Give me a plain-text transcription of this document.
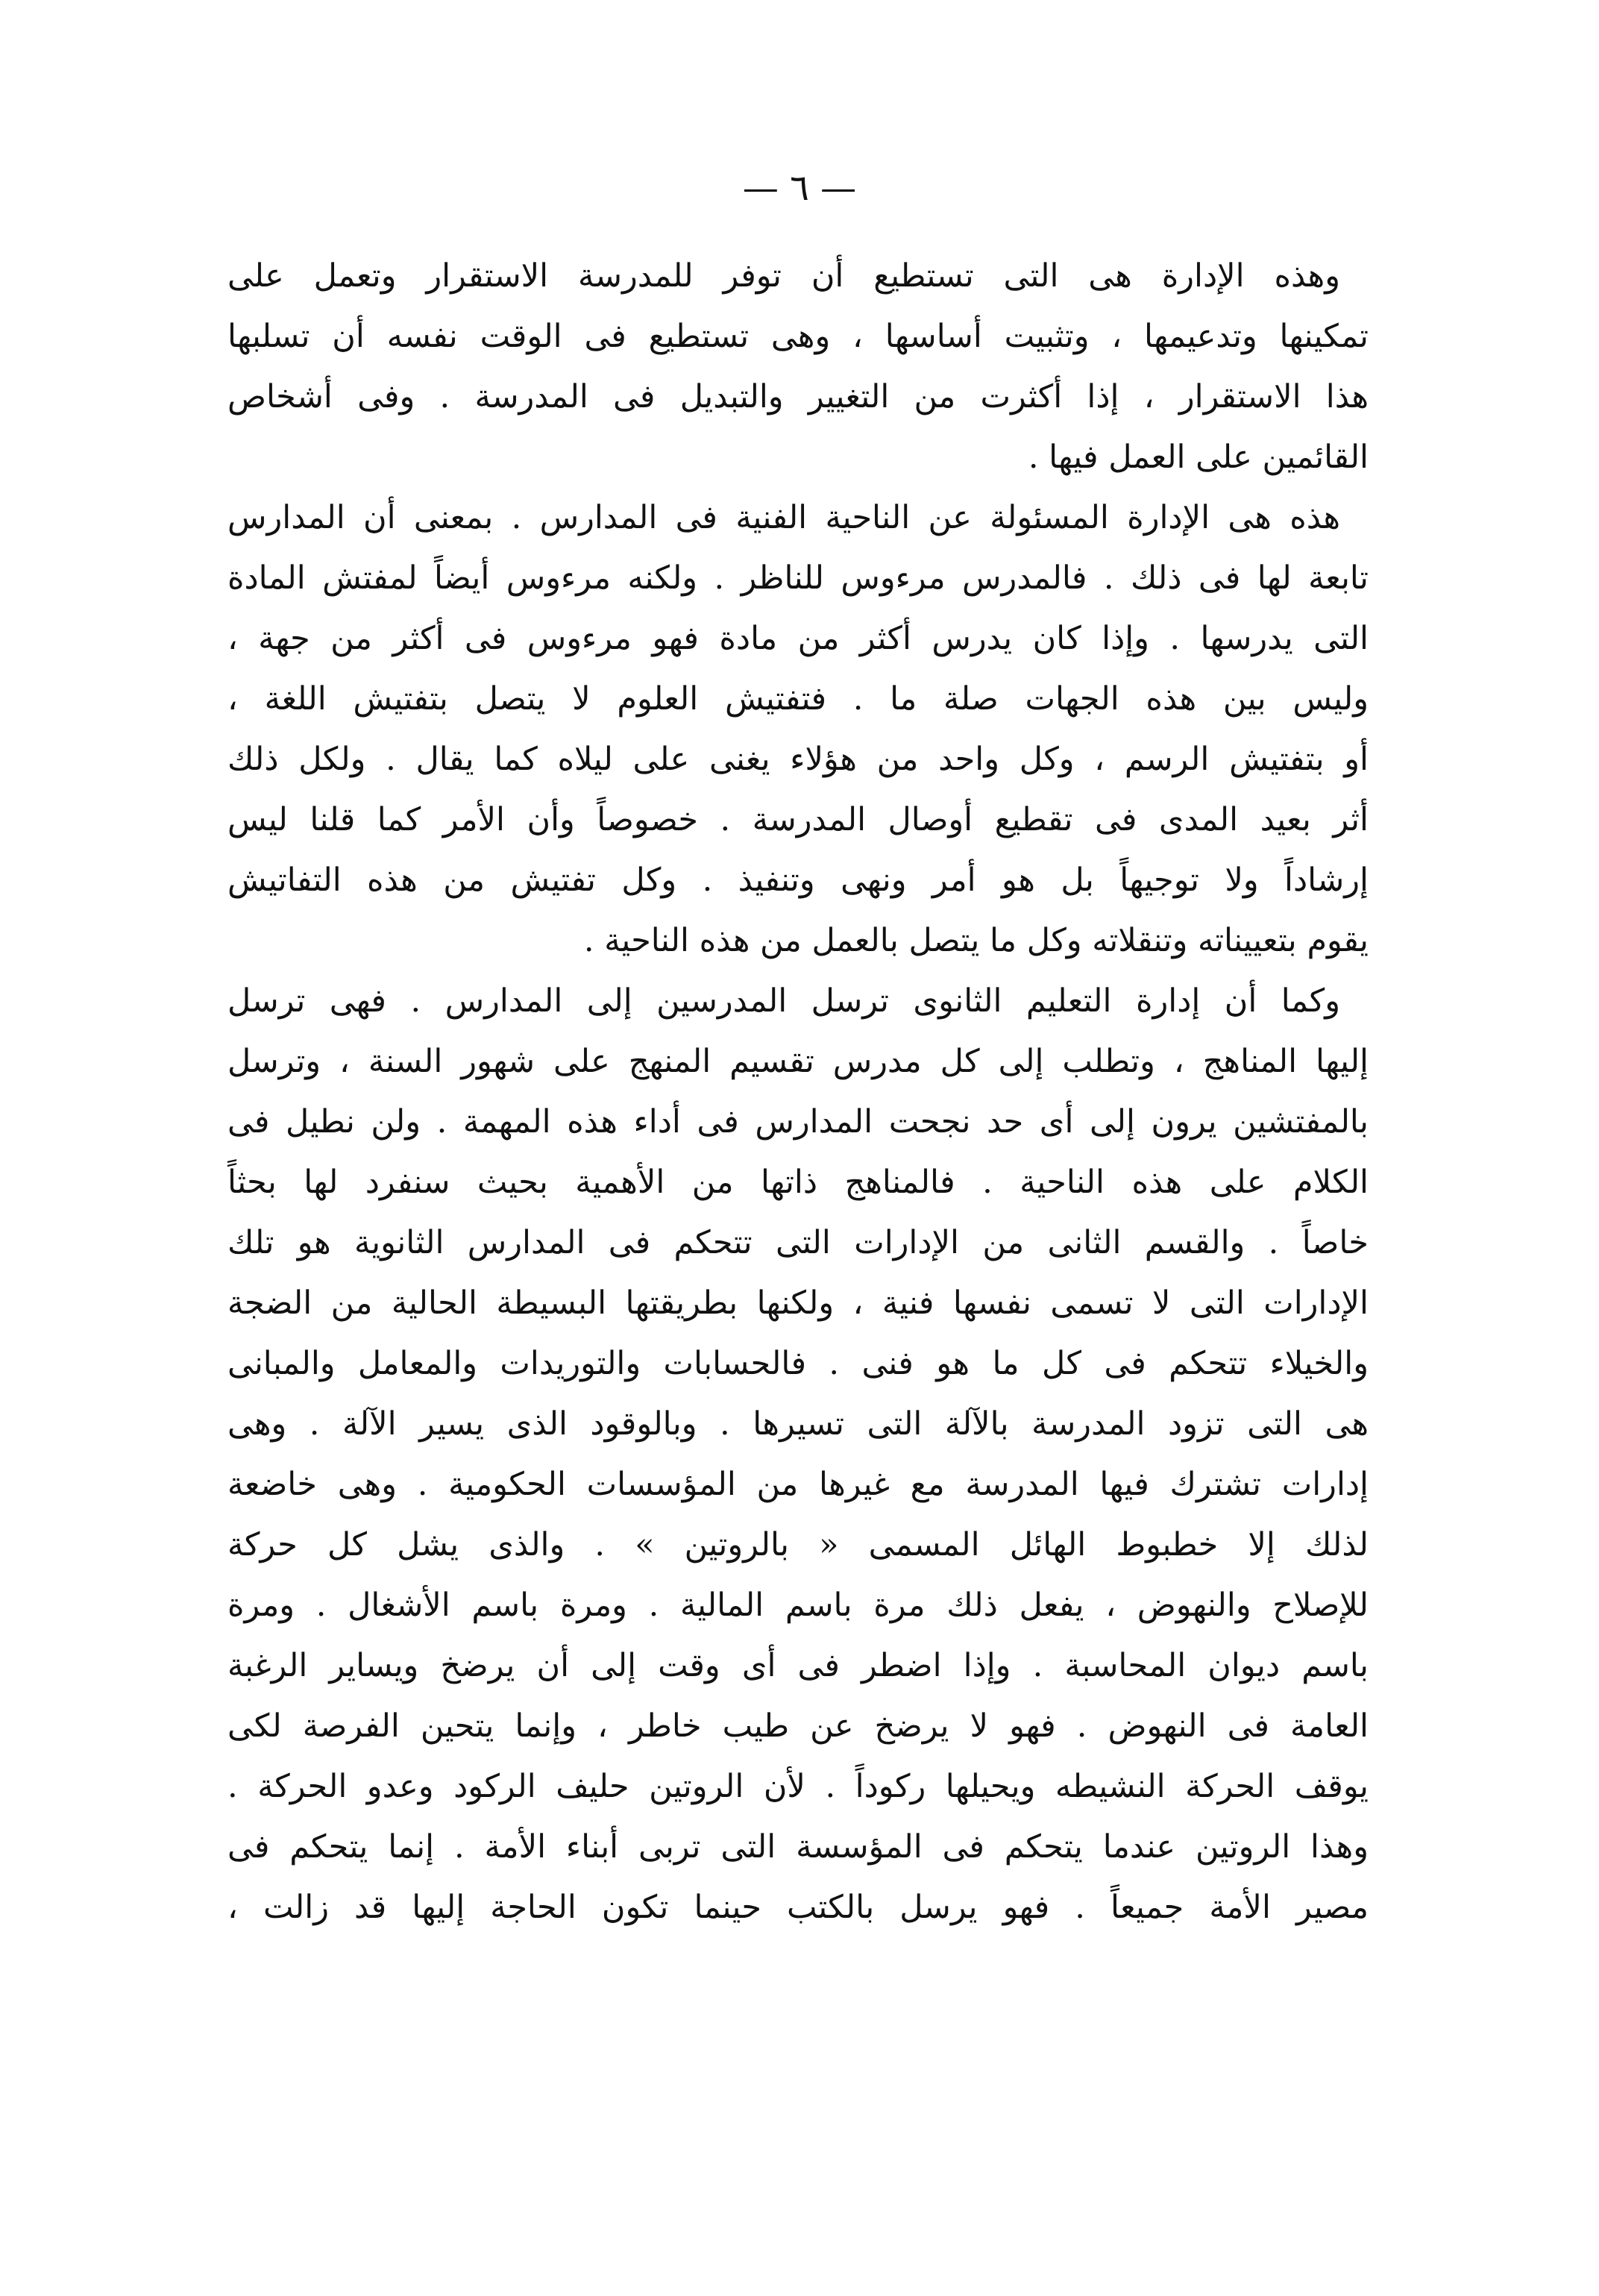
— ٦ —
وهذه الإدارة هى التى تستطيع أن توفر للمدرسة الاستقرار وتعمل على
تمكينها وتدعيمها ، وتثبيت أساسها ، وهى تستطيع فى الوقت نفسه أن تسلبها
هذا الاستقرار ، إذا أكثرت من التغيير والتبديل فى المدرسة . وفى أشخاص
القائمين على العمل فيها .
هذه هى الإدارة المسئولة عن الناحية الفنية فى المدارس . بمعنى أن المدارس
تابعة لها فى ذلك . فالمدرس مرءوس للناظر . ولكنه مرءوس أيضاً لمفتش المادة
التى يدرسها . وإذا كان يدرس أكثر من مادة فهو مرءوس فى أكثر من جهة ،
وليس بين هذه الجهات صلة ما . فتفتيش العلوم لا يتصل بتفتيش اللغة ،
أو بتفتيش الرسم ، وكل واحد من هؤلاء يغنى على ليلاه كما يقال . ولكل ذلك
أثر بعيد المدى فى تقطيع أوصال المدرسة . خصوصاً وأن الأمر كما قلنا ليس
إرشاداً ولا توجيهاً بل هو أمر ونهى وتنفيذ . وكل تفتيش من هذه التفاتيش
يقوم بتعييناته وتنقلاته وكل ما يتصل بالعمل من هذه الناحية .
وكما أن إدارة التعليم الثانوى ترسل المدرسين إلى المدارس . فهى ترسل
إليها المناهج ، وتطلب إلى كل مدرس تقسيم المنهج على شهور السنة ، وترسل
بالمفتشين يرون إلى أى حد نجحت المدارس فى أداء هذه المهمة . ولن نطيل فى
الكلام على هذه الناحية . فالمناهج ذاتها من الأهمية بحيث سنفرد لها بحثاً
خاصاً . والقسم الثانى من الإدارات التى تتحكم فى المدارس الثانوية هو تلك
الإدارات التى لا تسمى نفسها فنية ، ولكنها بطريقتها البسيطة الحالية من الضجة
والخيلاء تتحكم فى كل ما هو فنى . فالحسابات والتوريدات والمعامل والمبانى
هى التى تزود المدرسة بالآلة التى تسيرها . وبالوقود الذى يسير الآلة . وهى
إدارات تشترك فيها المدرسة مع غيرها من المؤسسات الحكومية . وهى خاضعة
لذلك إلا خطبوط الهائل المسمى « بالروتين » . والذى يشل كل حركة
للإصلاح والنهوض ، يفعل ذلك مرة باسم المالية . ومرة باسم الأشغال . ومرة
باسم ديوان المحاسبة . وإذا اضطر فى أى وقت إلى أن يرضخ ويساير الرغبة
العامة فى النهوض . فهو لا يرضخ عن طيب خاطر ، وإنما يتحين الفرصة لكى
يوقف الحركة النشيطه ويحيلها ركوداً . لأن الروتين حليف الركود وعدو الحركة .
وهذا الروتين عندما يتحكم فى المؤسسة التى تربى أبناء الأمة . إنما يتحكم فى
مصير الأمة جميعاً . فهو يرسل بالكتب حينما تكون الحاجة إليها قد زالت ،
